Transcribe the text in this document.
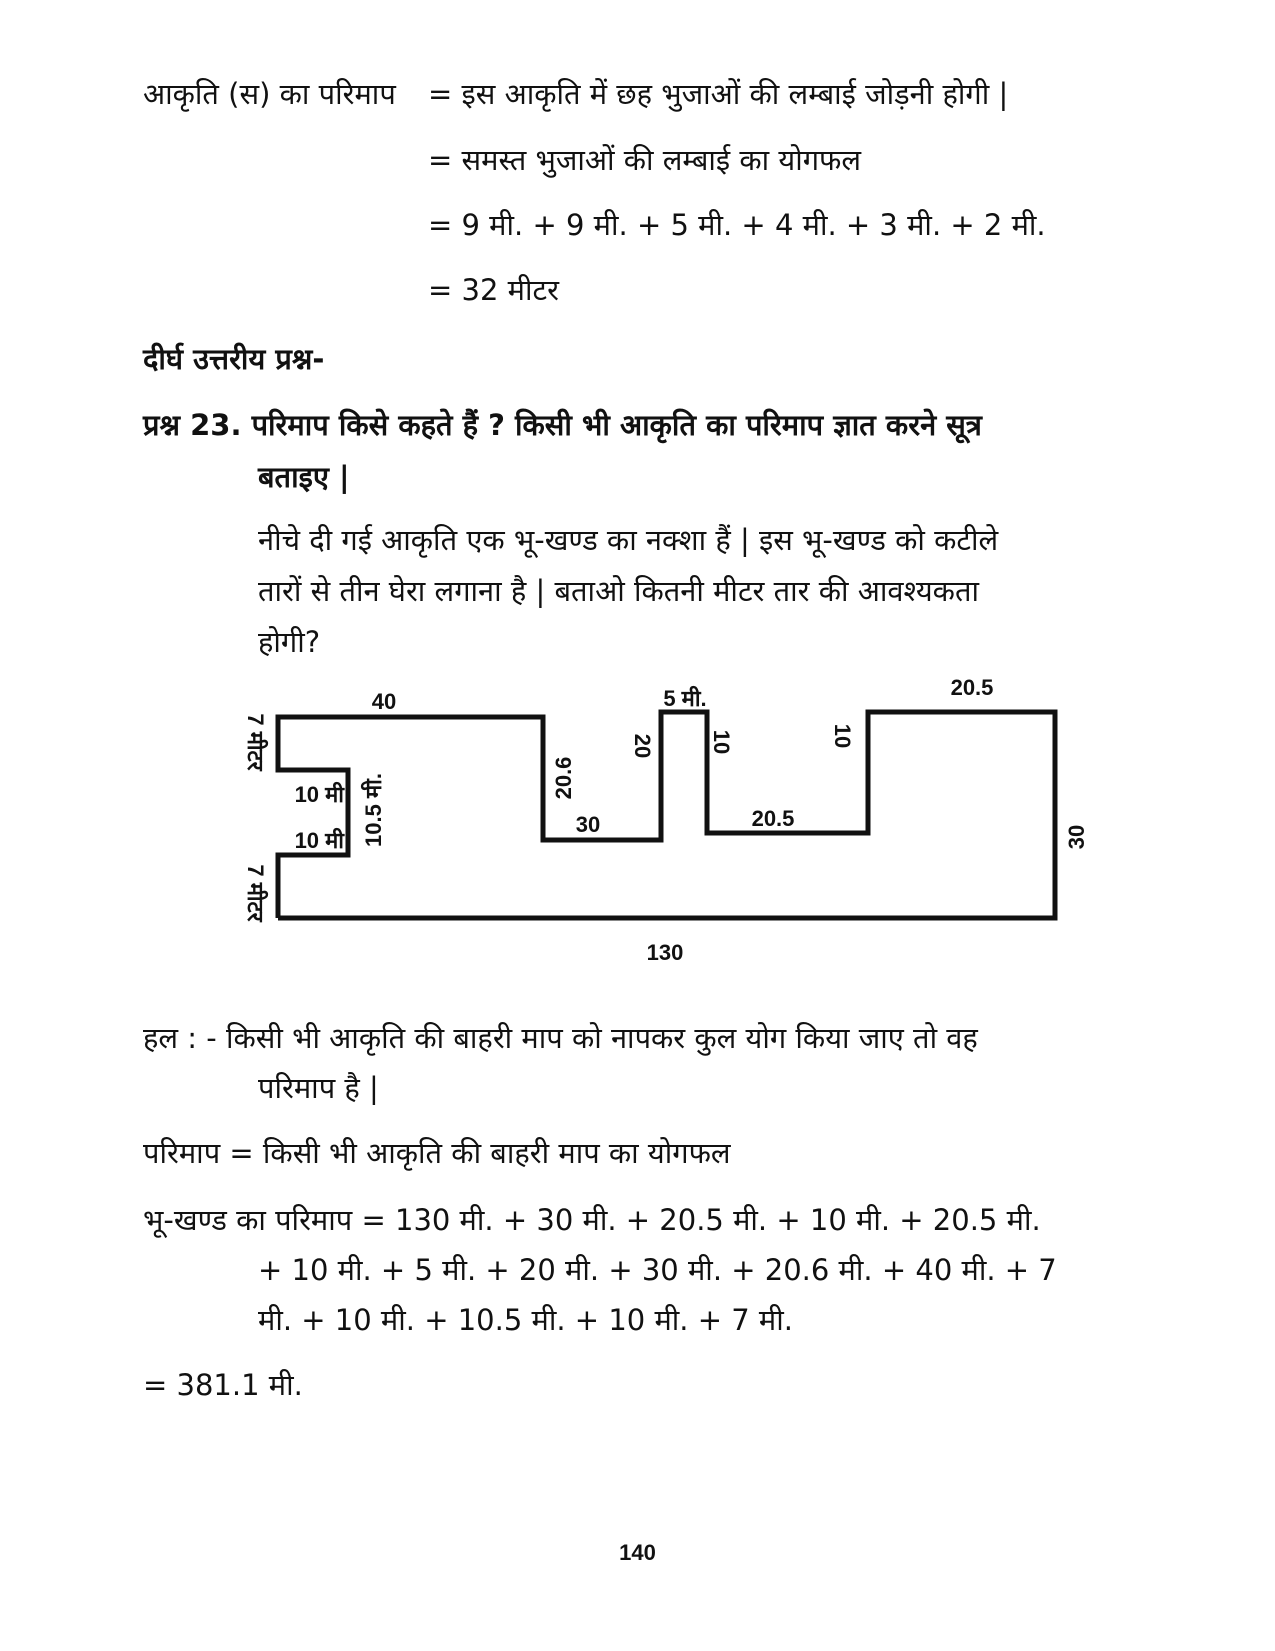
आकृति (स) का परिमाप = इस आकृति में छह भुजाओं की लम्बाई जोड़नी होगी |
= समस्त भुजाओं की लम्बाई का योगफल
= 9 मी. + 9 मी. + 5 मी. + 4 मी. + 3 मी. + 2 मी.
= 32 मीटर
दीर्घ उत्तरीय प्रश्न-
प्रश्न 23. परिमाप किसे कहते हैं ? किसी भी आकृति का परिमाप ज्ञात करने सूत्र
बताइए |
नीचे दी गई आकृति एक भू-खण्ड का नक्शा हैं | इस भू-खण्ड को कटीले
तारों से तीन घेरा लगाना है | बताओ कितनी मीटर तार की आवश्यकता
होगी?
40
7 मीटर
7 मीटर
10 मी
10 मी 10.5 मी.	20.6
30
20
5 मी.
10
20.5
10
20.5
30
130
हल : - किसी भी आकृति की बाहरी माप को नापकर कुल योग किया जाए तो वह
परिमाप है |
परिमाप = किसी भी आकृति की बाहरी माप का योगफल
भू-खण्ड का परिमाप = 130 मी. + 30 मी. + 20.5 मी. + 10 मी. + 20.5 मी.
+ 10 मी. + 5 मी. + 20 मी. + 30 मी. + 20.6 मी. + 40 मी. + 7
मी. + 10 मी. + 10.5 मी. + 10 मी. + 7 मी.
= 381.1 मी.
140
